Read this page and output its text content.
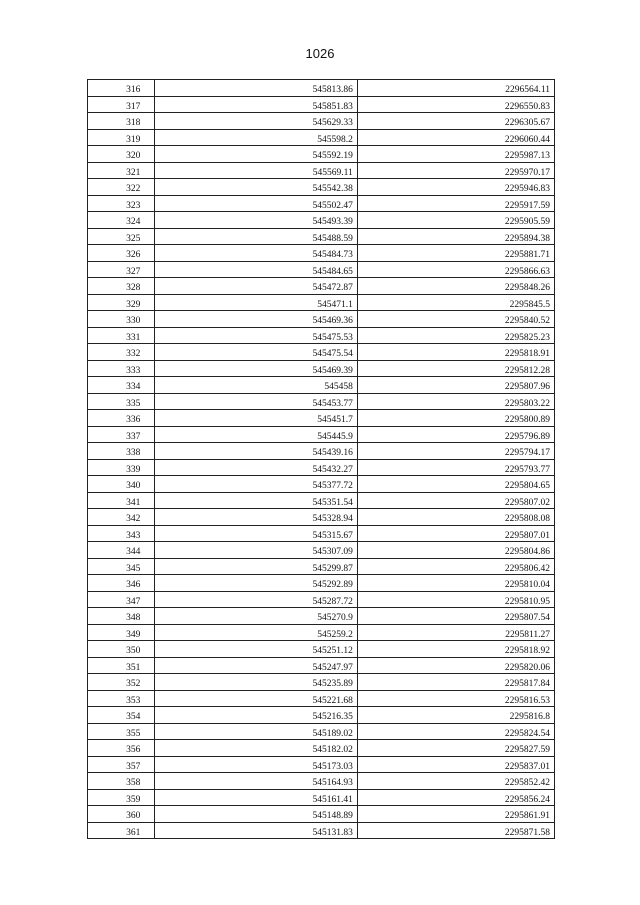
1026
316	545813.86	2296564.11
317	545851.83	2296550.83
318	545629.33	2296305.67
319	545598.2	2296060.44
320	545592.19	2295987.13
321	545569.11	2295970.17
322	545542.38	2295946.83
323	545502.47	2295917.59
324	545493.39	2295905.59
325	545488.59	2295894.38
326	545484.73	2295881.71
327	545484.65	2295866.63
328	545472.87	2295848.26
329	545471.1	2295845.5
330	545469.36	2295840.52
331	545475.53	2295825.23
332	545475.54	2295818.91
333	545469.39	2295812.28
334	545458	2295807.96
335	545453.77	2295803.22
336	545451.7	2295800.89
337	545445.9	2295796.89
338	545439.16	2295794.17
339	545432.27	2295793.77
340	545377.72	2295804.65
341	545351.54	2295807.02
342	545328.94	2295808.08
343	545315.67	2295807.01
344	545307.09	2295804.86
345	545299.87	2295806.42
346	545292.89	2295810.04
347	545287.72	2295810.95
348	545270.9	2295807.54
349	545259.2	2295811.27
350	545251.12	2295818.92
351	545247.97	2295820.06
352	545235.89	2295817.84
353	545221.68	2295816.53
354	545216.35	2295816.8
355	545189.02	2295824.54
356	545182.02	2295827.59
357	545173.03	2295837.01
358	545164.93	2295852.42
359	545161.41	2295856.24
360	545148.89	2295861.91
361	545131.83	2295871.58
